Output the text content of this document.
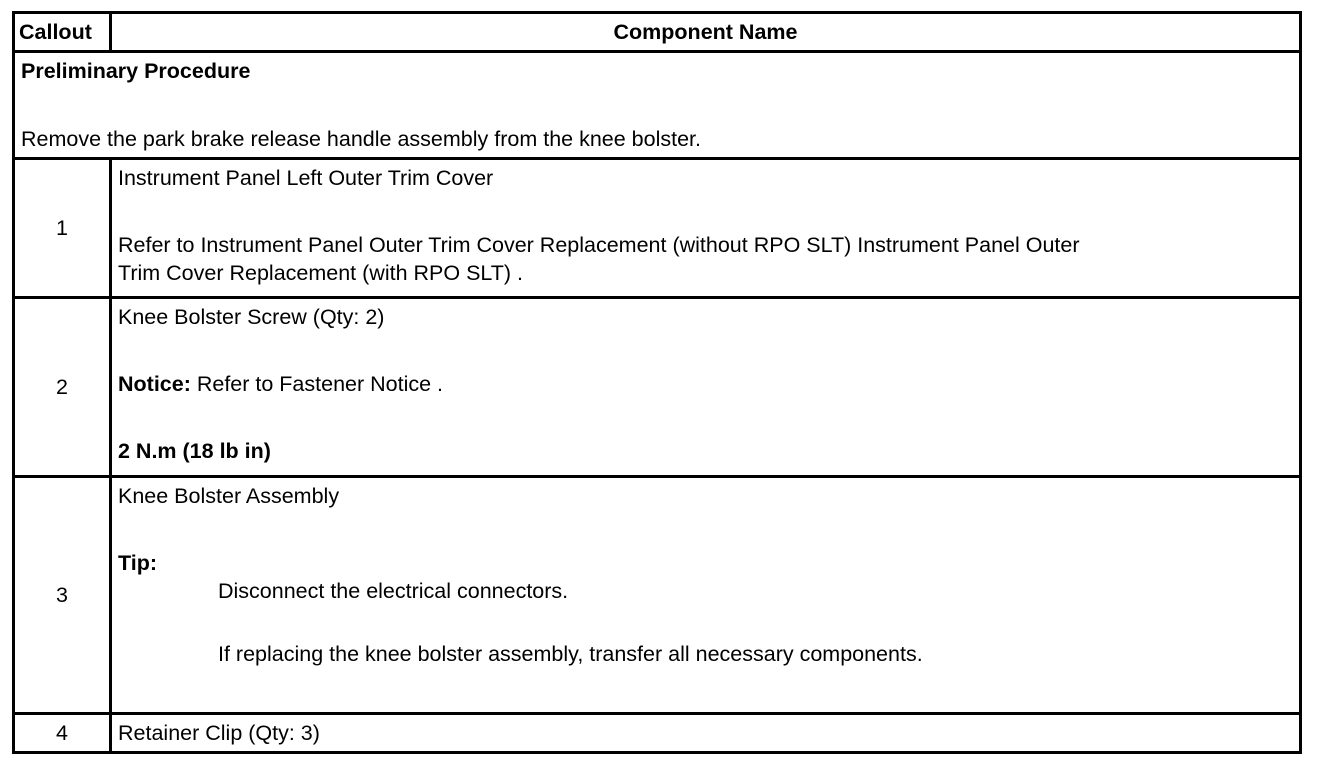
Callout	Component Name

Preliminary Procedure
Remove the park brake release handle assembly from the knee bolster.	

1	Instrument Panel Left Outer Trim Cover
Refer to Instrument Panel Outer Trim Cover Replacement (without RPO SLT) Instrument Panel Outer
Trim Cover Replacement (with RPO SLT) .

2	Knee Bolster Screw (Qty: 2)
Notice: Refer to Fastener Notice .
2 N.m (18 lb in)

3	Knee Bolster Assembly
Tip:
Disconnect the electrical connectors.
If replacing the knee bolster assembly, transfer all necessary components.

4	Retainer Clip (Qty: 3)
